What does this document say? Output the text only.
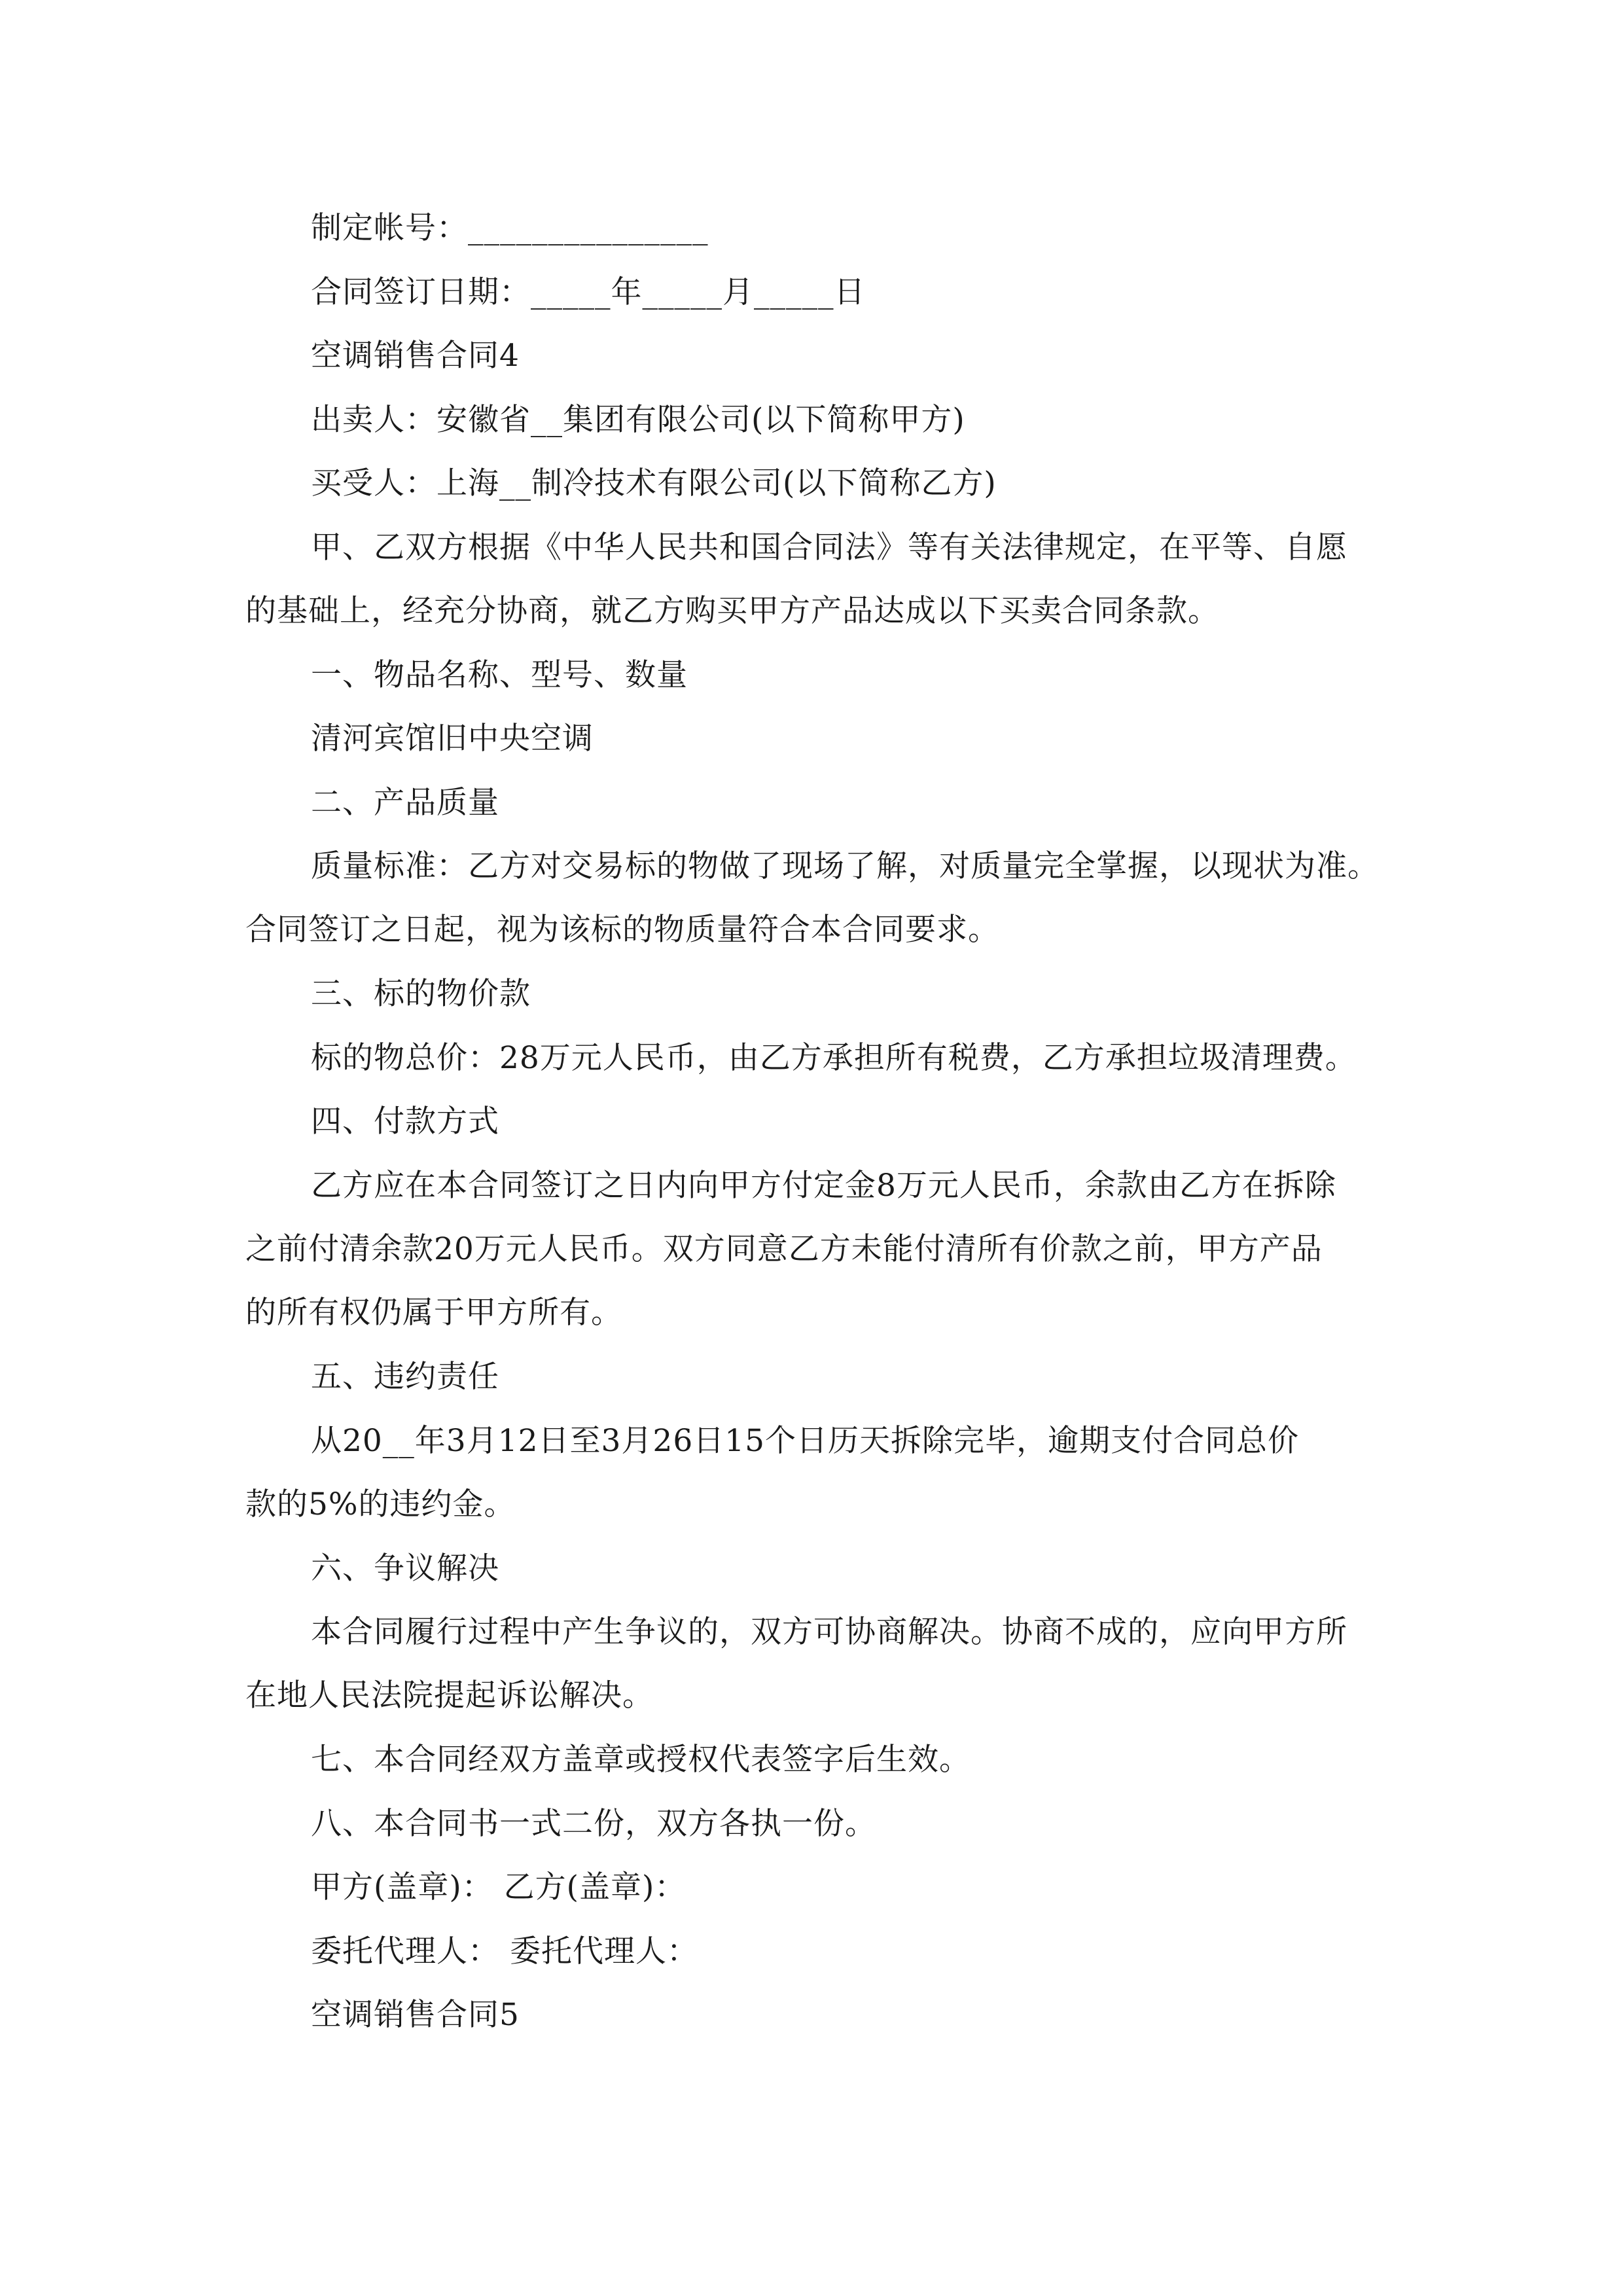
制定帐号：_______________
合同签订日期：_____年_____月_____日
空调销售合同4
出卖人：安徽省__集团有限公司(以下简称甲方)
买受人：上海__制冷技术有限公司(以下简称乙方)
甲、乙双方根据《中华人民共和国合同法》等有关法律规定，在平等、自愿
的基础上，经充分协商，就乙方购买甲方产品达成以下买卖合同条款。
一、物品名称、型号、数量
清河宾馆旧中央空调
二、产品质量
质量标准：乙方对交易标的物做了现场了解，对质量完全掌握，以现状为准。
合同签订之日起，视为该标的物质量符合本合同要求。
三、标的物价款
标的物总价：28万元人民币，由乙方承担所有税费，乙方承担垃圾清理费。
四、付款方式
乙方应在本合同签订之日内向甲方付定金8万元人民币，余款由乙方在拆除
之前付清余款20万元人民币。双方同意乙方未能付清所有价款之前，甲方产品
的所有权仍属于甲方所有。
五、违约责任
从20__年3月12日至3月26日15个日历天拆除完毕，逾期支付合同总价
款的5%的违约金。
六、争议解决
本合同履行过程中产生争议的，双方可协商解决。协商不成的，应向甲方所
在地人民法院提起诉讼解决。
七、本合同经双方盖章或授权代表签字后生效。
八、本合同书一式二份，双方各执一份。
甲方(盖章)： 乙方(盖章)：
委托代理人： 委托代理人：
空调销售合同5
